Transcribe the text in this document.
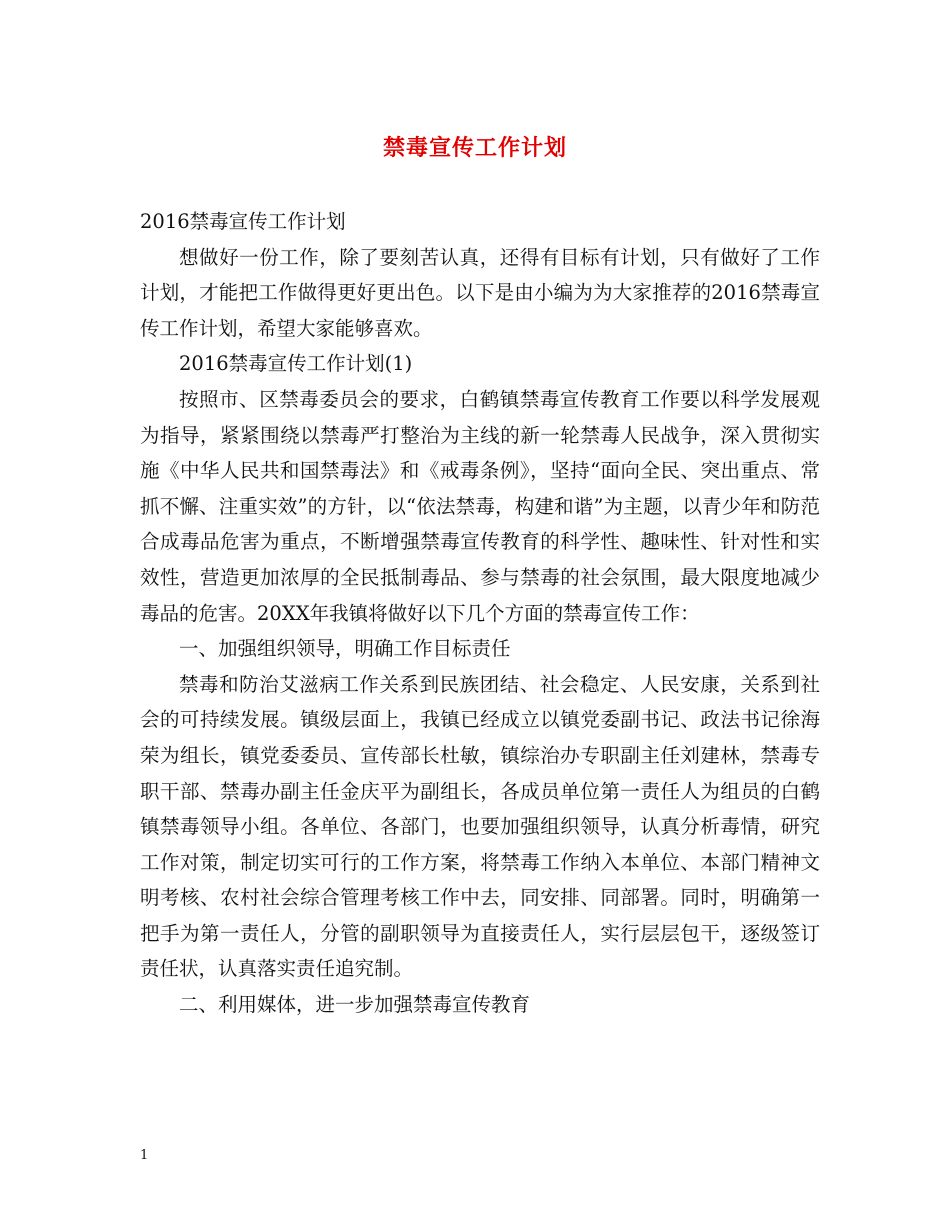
禁毒宣传工作计划

2016禁毒宣传工作计划

想做好一份工作，除了要刻苦认真，还得有目标有计划，只有做好了工作计划，才能把工作做得更好更出色。以下是由小编为为大家推荐的2016禁毒宣传工作计划，希望大家能够喜欢。

2016禁毒宣传工作计划(1)

按照市、区禁毒委员会的要求，白鹤镇禁毒宣传教育工作要以科学发展观为指导，紧紧围绕以禁毒严打整治为主线的新一轮禁毒人民战争，深入贯彻实施《中华人民共和国禁毒法》和《戒毒条例》，坚持“面向全民、突出重点、常抓不懈、注重实效”的方针，以“依法禁毒，构建和谐”为主题，以青少年和防范合成毒品危害为重点，不断增强禁毒宣传教育的科学性、趣味性、针对性和实效性，营造更加浓厚的全民抵制毒品、参与禁毒的社会氛围，最大限度地减少毒品的危害。20XX年我镇将做好以下几个方面的禁毒宣传工作：

一、加强组织领导，明确工作目标责任

禁毒和防治艾滋病工作关系到民族团结、社会稳定、人民安康，关系到社会的可持续发展。镇级层面上，我镇已经成立以镇党委副书记、政法书记徐海荣为组长，镇党委委员、宣传部长杜敏，镇综治办专职副主任刘建林，禁毒专职干部、禁毒办副主任金庆平为副组长，各成员单位第一责任人为组员的白鹤镇禁毒领导小组。各单位、各部门，也要加强组织领导，认真分析毒情，研究工作对策，制定切实可行的工作方案，将禁毒工作纳入本单位、本部门精神文明考核、农村社会综合管理考核工作中去，同安排、同部署。同时，明确第一把手为第一责任人，分管的副职领导为直接责任人，实行层层包干，逐级签订责任状，认真落实责任追究制。

二、利用媒体，进一步加强禁毒宣传教育

1
